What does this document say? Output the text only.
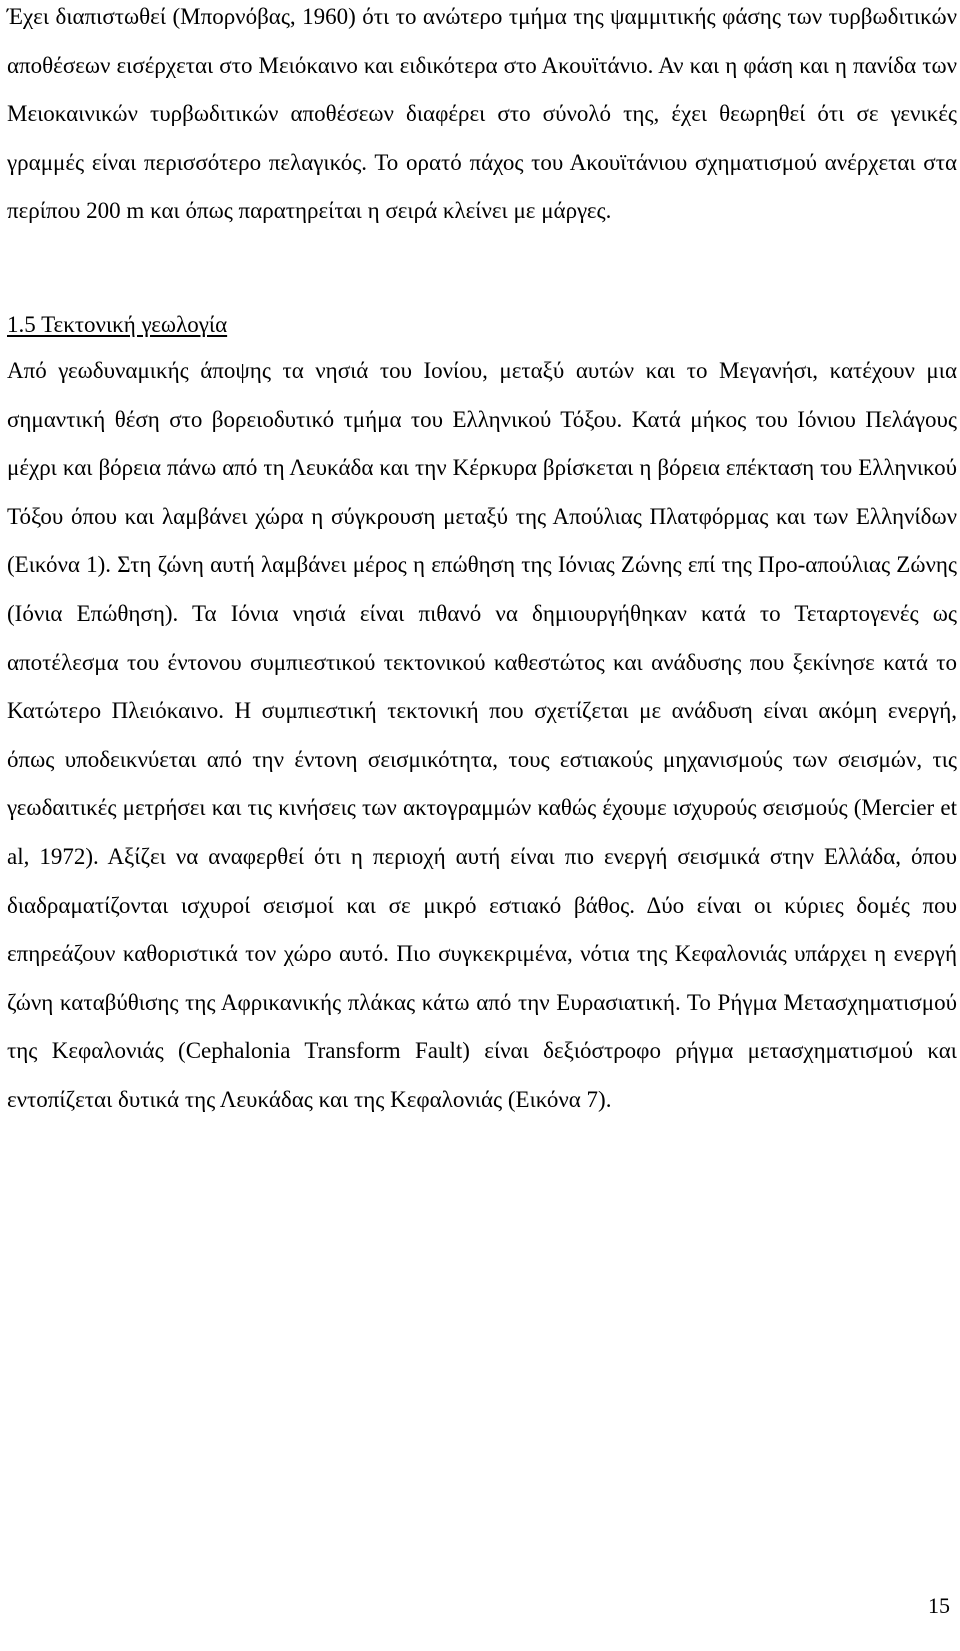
Έχει διαπιστωθεί (Μπορνόβας, 1960) ότι το ανώτερο τμήμα της ψαμμιτικής φάσης των τυρβωδιτικών αποθέσεων εισέρχεται στο Μειόκαινο και ειδικότερα στο Ακουϊτάνιο. Αν και η φάση και η πανίδα των Μειοκαινικών τυρβωδιτικών αποθέσεων διαφέρει στο σύνολό της, έχει θεωρηθεί ότι σε γενικές γραμμές είναι περισσότερο πελαγικός. Το ορατό πάχος του Ακουϊτάνιου σχηματισμού ανέρχεται στα περίπου 200 m και όπως παρατηρείται η σειρά κλείνει με μάργες.

1.5 Τεκτονική γεωλογία

Από γεωδυναμικής άποψης τα νησιά του Ιονίου, μεταξύ αυτών και το Μεγανήσι, κατέχουν μια σημαντική θέση στο βορειοδυτικό τμήμα του Ελληνικού Τόξου. Κατά μήκος του Ιόνιου Πελάγους μέχρι και βόρεια πάνω από τη Λευκάδα και την Κέρκυρα βρίσκεται η βόρεια επέκταση του Ελληνικού Τόξου όπου και λαμβάνει χώρα η σύγκρουση μεταξύ της Απούλιας Πλατφόρμας και των Ελληνίδων (Εικόνα 1). Στη ζώνη αυτή λαμβάνει μέρος η επώθηση της Ιόνιας Ζώνης επί της Προ-απούλιας Ζώνης (Ιόνια Επώθηση). Τα Ιόνια νησιά είναι πιθανό να δημιουργήθηκαν κατά το Τεταρτογενές ως αποτέλεσμα του έντονου συμπιεστικού τεκτονικού καθεστώτος και ανάδυσης που ξεκίνησε κατά το Κατώτερο Πλειόκαινο. Η συμπιεστική τεκτονική που σχετίζεται με ανάδυση είναι ακόμη ενεργή, όπως υποδεικνύεται από την έντονη σεισμικότητα, τους εστιακούς μηχανισμούς των σεισμών, τις γεωδαιτικές μετρήσει και τις κινήσεις των ακτογραμμών καθώς έχουμε ισχυρούς σεισμούς (Mercier et al, 1972). Αξίζει να αναφερθεί ότι η περιοχή αυτή είναι πιο ενεργή σεισμικά στην Ελλάδα, όπου διαδραματίζονται ισχυροί σεισμοί και σε μικρό εστιακό βάθος. Δύο είναι οι κύριες δομές που επηρεάζουν καθοριστικά τον χώρο αυτό. Πιο συγκεκριμένα, νότια της Κεφαλονιάς υπάρχει η ενεργή ζώνη καταβύθισης της Αφρικανικής πλάκας κάτω από την Ευρασιατική. Το Ρήγμα Μετασχηματισμού της Κεφαλονιάς (Cephalonia Transform Fault) είναι δεξιόστροφο ρήγμα μετασχηματισμού και εντοπίζεται δυτικά της Λευκάδας και της Κεφαλονιάς (Εικόνα 7).

15
